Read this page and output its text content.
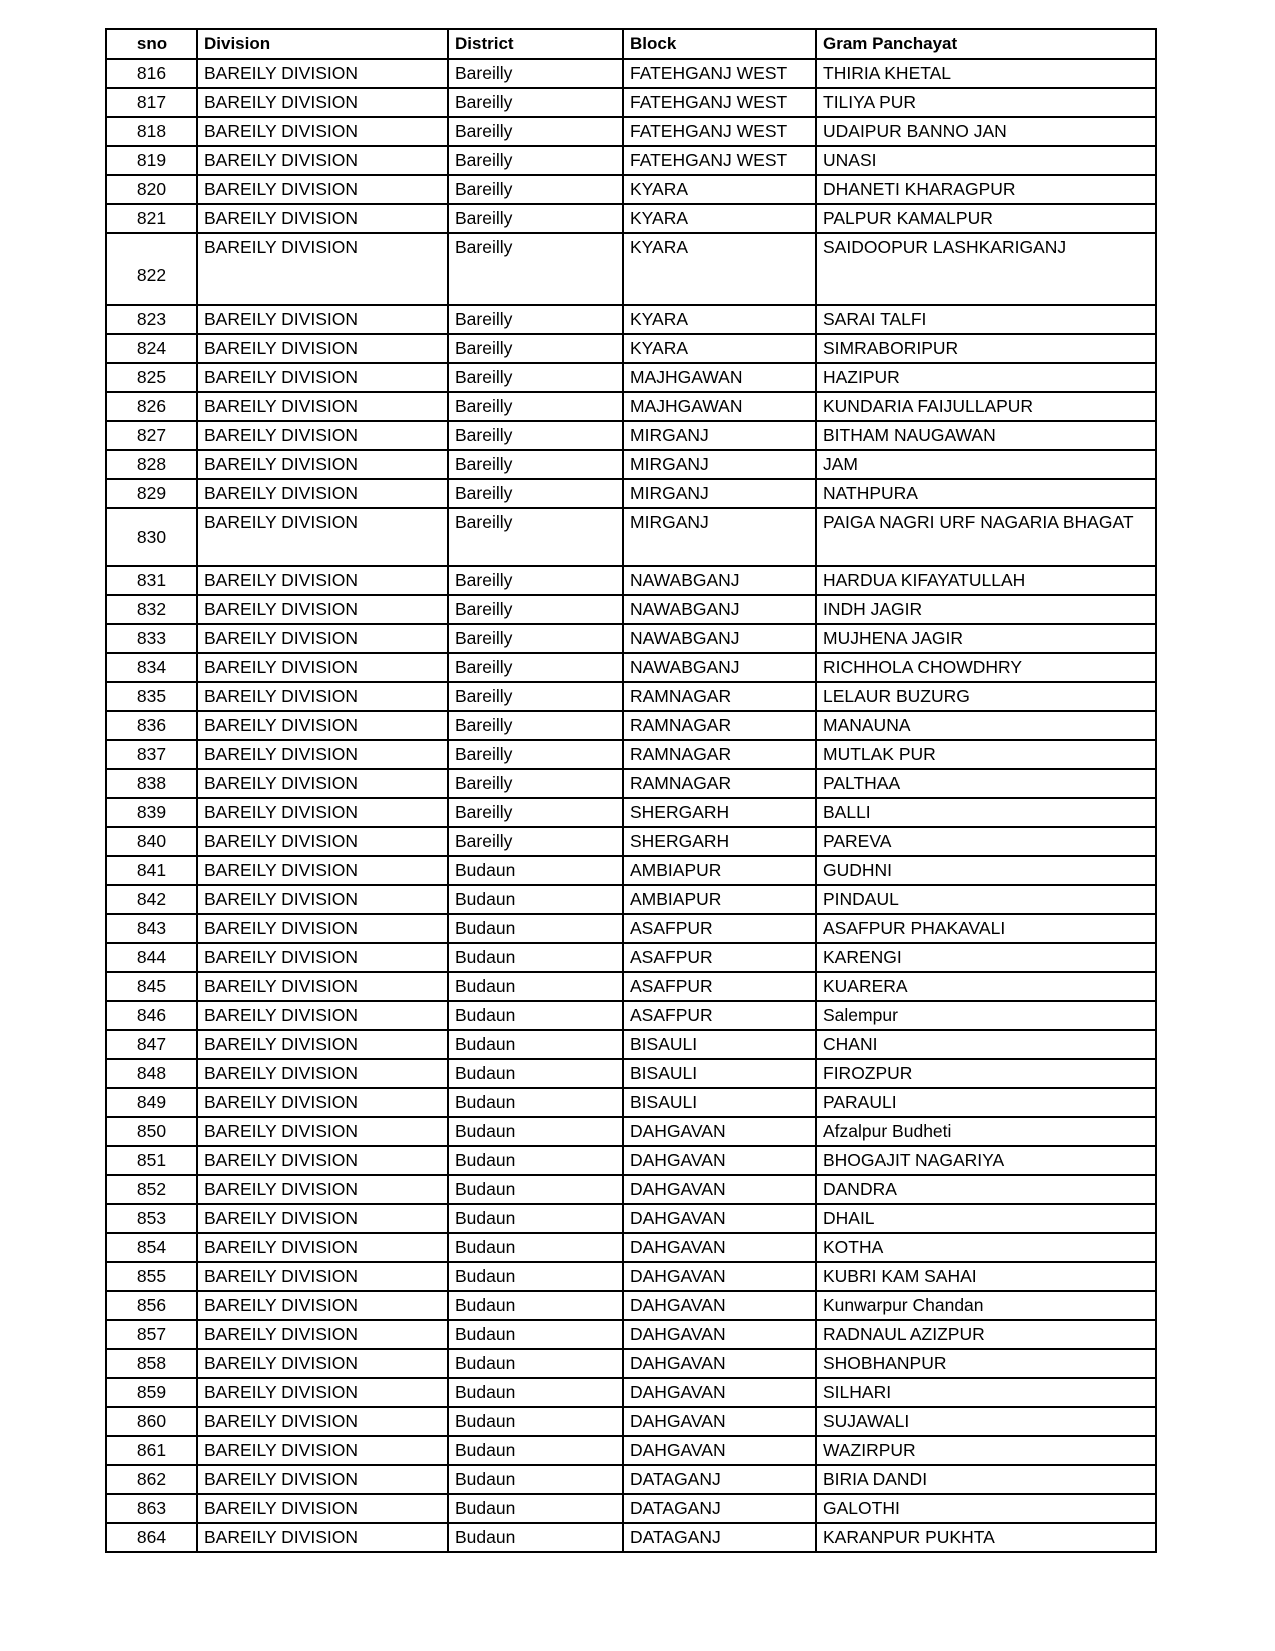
sno	Division	District	Block	Gram Panchayat
816	BAREILY DIVISION	Bareilly	FATEHGANJ WEST	THIRIA KHETAL
817	BAREILY DIVISION	Bareilly	FATEHGANJ WEST	TILIYA PUR
818	BAREILY DIVISION	Bareilly	FATEHGANJ WEST	UDAIPUR BANNO JAN
819	BAREILY DIVISION	Bareilly	FATEHGANJ WEST	UNASI
820	BAREILY DIVISION	Bareilly	KYARA	DHANETI KHARAGPUR
821	BAREILY DIVISION	Bareilly	KYARA	PALPUR KAMALPUR
822	BAREILY DIVISION	Bareilly	KYARA	SAIDOOPUR LASHKARIGANJ
823	BAREILY DIVISION	Bareilly	KYARA	SARAI TALFI
824	BAREILY DIVISION	Bareilly	KYARA	SIMRABORIPUR
825	BAREILY DIVISION	Bareilly	MAJHGAWAN	HAZIPUR
826	BAREILY DIVISION	Bareilly	MAJHGAWAN	KUNDARIA FAIJULLAPUR
827	BAREILY DIVISION	Bareilly	MIRGANJ	BITHAM NAUGAWAN
828	BAREILY DIVISION	Bareilly	MIRGANJ	JAM
829	BAREILY DIVISION	Bareilly	MIRGANJ	NATHPURA
830	BAREILY DIVISION	Bareilly	MIRGANJ	PAIGA NAGRI URF NAGARIA BHAGAT
831	BAREILY DIVISION	Bareilly	NAWABGANJ	HARDUA KIFAYATULLAH
832	BAREILY DIVISION	Bareilly	NAWABGANJ	INDH JAGIR
833	BAREILY DIVISION	Bareilly	NAWABGANJ	MUJHENA JAGIR
834	BAREILY DIVISION	Bareilly	NAWABGANJ	RICHHOLA CHOWDHRY
835	BAREILY DIVISION	Bareilly	RAMNAGAR	LELAUR BUZURG
836	BAREILY DIVISION	Bareilly	RAMNAGAR	MANAUNA
837	BAREILY DIVISION	Bareilly	RAMNAGAR	MUTLAK PUR
838	BAREILY DIVISION	Bareilly	RAMNAGAR	PALTHAA
839	BAREILY DIVISION	Bareilly	SHERGARH	BALLI
840	BAREILY DIVISION	Bareilly	SHERGARH	PAREVA
841	BAREILY DIVISION	Budaun	AMBIAPUR	GUDHNI
842	BAREILY DIVISION	Budaun	AMBIAPUR	PINDAUL
843	BAREILY DIVISION	Budaun	ASAFPUR	ASAFPUR PHAKAVALI
844	BAREILY DIVISION	Budaun	ASAFPUR	KARENGI
845	BAREILY DIVISION	Budaun	ASAFPUR	KUARERA
846	BAREILY DIVISION	Budaun	ASAFPUR	Salempur
847	BAREILY DIVISION	Budaun	BISAULI	CHANI
848	BAREILY DIVISION	Budaun	BISAULI	FIROZPUR
849	BAREILY DIVISION	Budaun	BISAULI	PARAULI
850	BAREILY DIVISION	Budaun	DAHGAVAN	Afzalpur Budheti
851	BAREILY DIVISION	Budaun	DAHGAVAN	BHOGAJIT NAGARIYA
852	BAREILY DIVISION	Budaun	DAHGAVAN	DANDRA
853	BAREILY DIVISION	Budaun	DAHGAVAN	DHAIL
854	BAREILY DIVISION	Budaun	DAHGAVAN	KOTHA
855	BAREILY DIVISION	Budaun	DAHGAVAN	KUBRI KAM SAHAI
856	BAREILY DIVISION	Budaun	DAHGAVAN	Kunwarpur Chandan
857	BAREILY DIVISION	Budaun	DAHGAVAN	RADNAUL AZIZPUR
858	BAREILY DIVISION	Budaun	DAHGAVAN	SHOBHANPUR
859	BAREILY DIVISION	Budaun	DAHGAVAN	SILHARI
860	BAREILY DIVISION	Budaun	DAHGAVAN	SUJAWALI
861	BAREILY DIVISION	Budaun	DAHGAVAN	WAZIRPUR
862	BAREILY DIVISION	Budaun	DATAGANJ	BIRIA DANDI
863	BAREILY DIVISION	Budaun	DATAGANJ	GALOTHI
864	BAREILY DIVISION	Budaun	DATAGANJ	KARANPUR PUKHTA
